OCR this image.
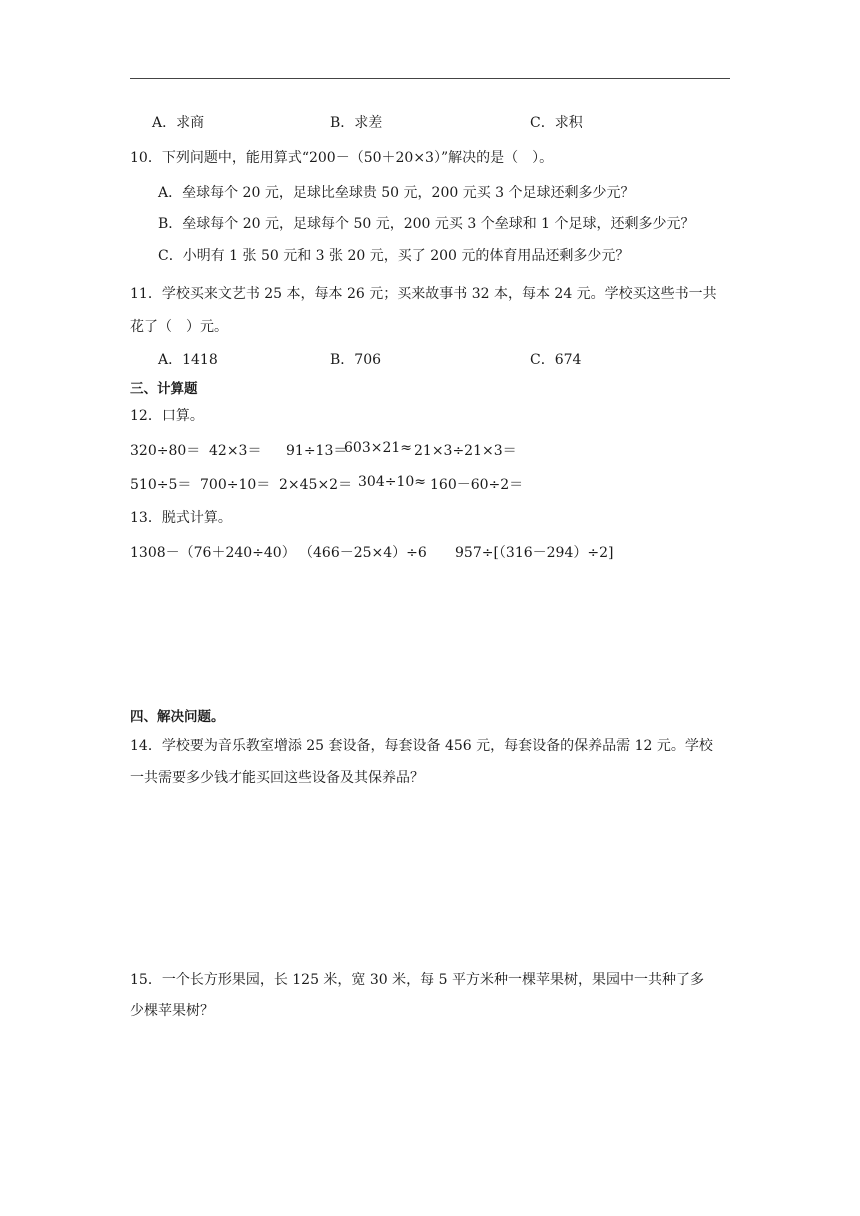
A．求商	B．求差	C．求积
10．下列问题中，能用算式“200－（50＋20×3）”解决的是（　）。
A．垒球每个 20 元，足球比垒球贵 50 元，200 元买 3 个足球还剩多少元？
B．垒球每个 20 元，足球每个 50 元，200 元买 3 个垒球和 1 个足球，还剩多少元？
C．小明有 1 张 50 元和 3 张 20 元，买了 200 元的体育用品还剩多少元？
11．学校买来文艺书 25 本，每本 26 元；买来故事书 32 本，每本 24 元。学校买这些书一共
花了（　）元。
A．1418	B．706	C．674
三、计算题
12．口算。
320÷80＝ 42×3＝ 91÷13＝
603×21≈ 21×3÷21×3＝
510÷5＝ 700÷10＝ 2×45×2＝ 304÷10≈ 160－60÷2＝
13．脱式计算。
1308－（76＋240÷40） （466－25×4）÷6 957÷[（316－294）÷2]
四、解决问题。
14．学校要为音乐教室增添 25 套设备，每套设备 456 元，每套设备的保养品需 12 元。学校
一共需要多少钱才能买回这些设备及其保养品？
15．一个长方形果园，长 125 米，宽 30 米，每 5 平方米种一棵苹果树，果园中一共种了多
少棵苹果树？
